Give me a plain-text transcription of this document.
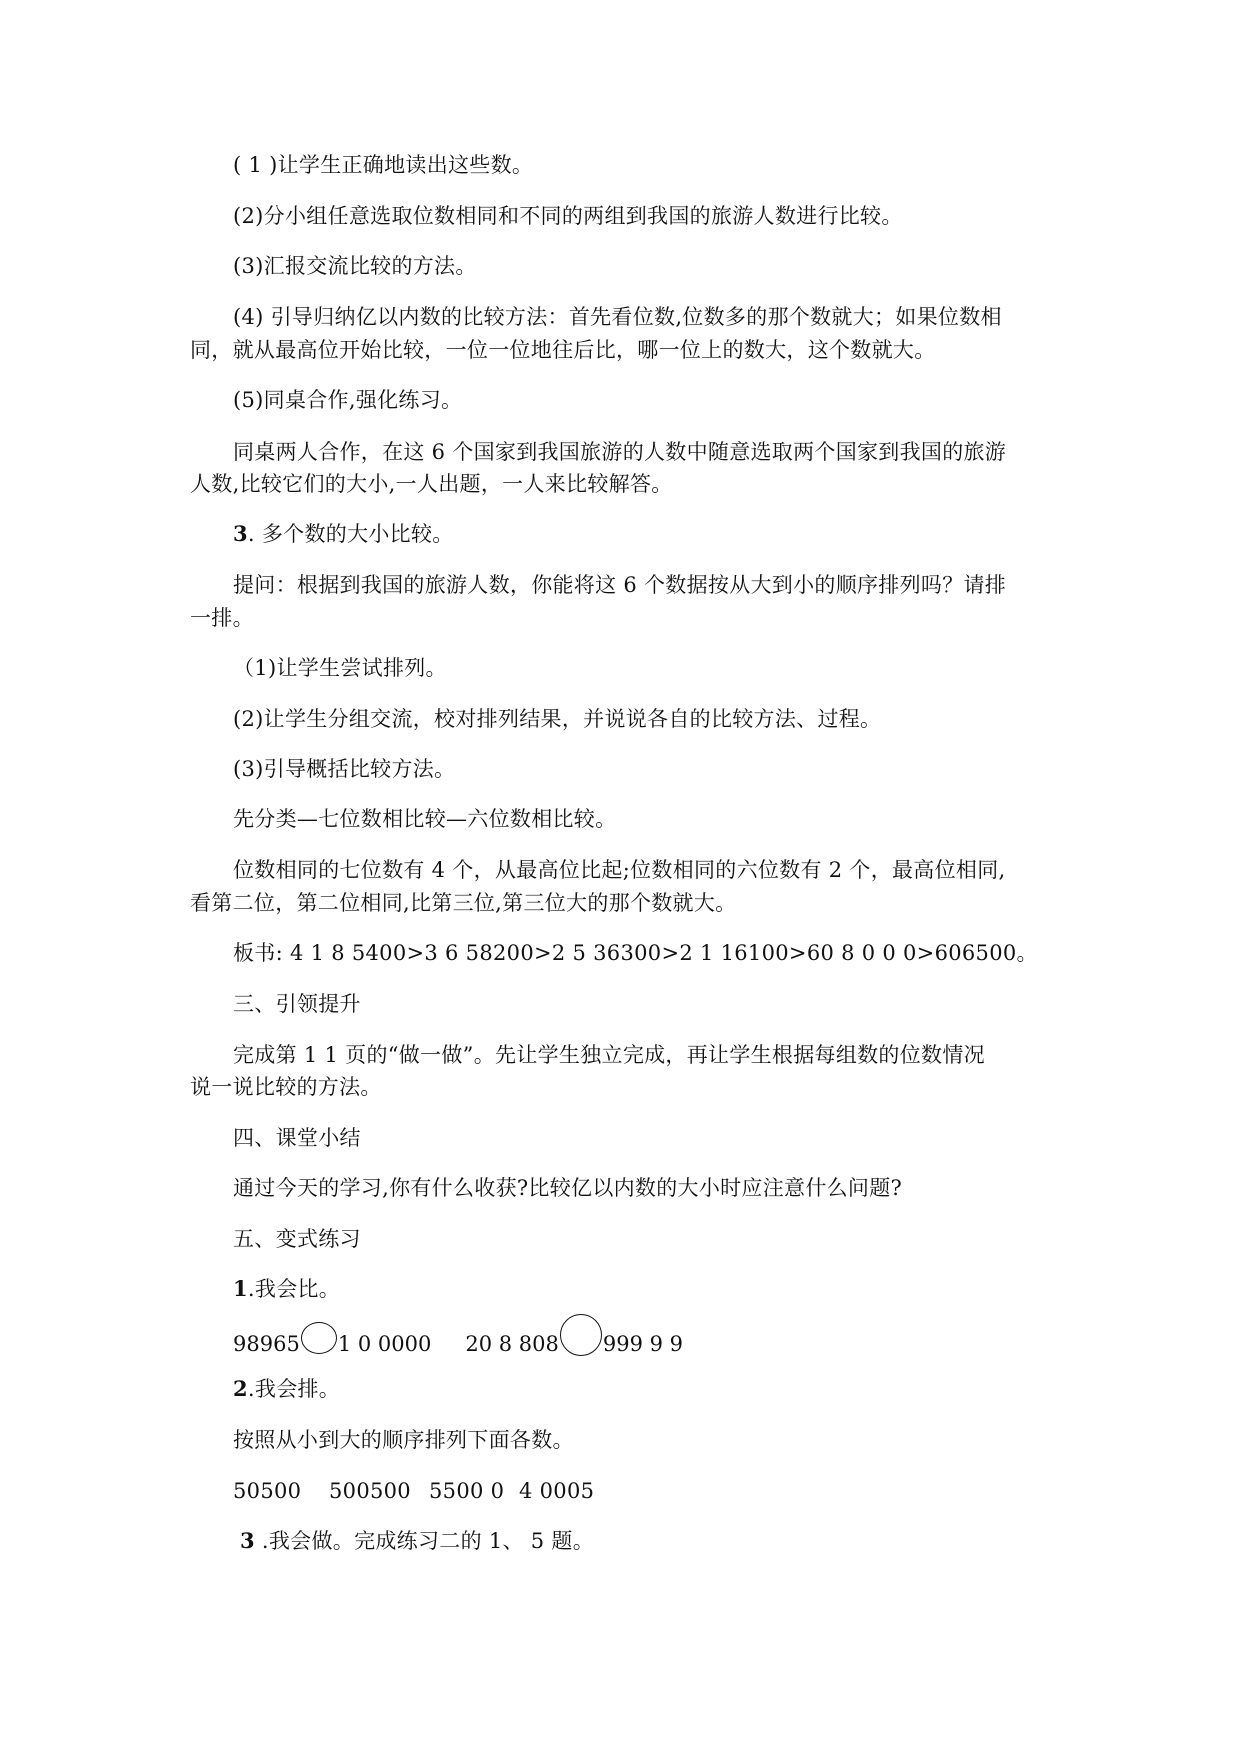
( 1 )让学生正确地读出这些数。
(2)分小组任意选取位数相同和不同的两组到我国的旅游人数进行比较。
(3)汇报交流比较的方法。
(4) 引导归纳亿以内数的比较方法：首先看位数,位数多的那个数就大；如果位数相
同，就从最高位开始比较，一位一位地往后比，哪一位上的数大，这个数就大。
(5)同桌合作,强化练习。
同桌两人合作，在这 6 个国家到我国旅游的人数中随意选取两个国家到我国的旅游
人数,比较它们的大小,一人出题，一人来比较解答。
3. 多个数的大小比较。
提问：根据到我国的旅游人数，你能将这 6 个数据按从大到小的顺序排列吗？请排
一排。
（1)让学生尝试排列。
(2)让学生分组交流，校对排列结果，并说说各自的比较方法、过程。
(3)引导概括比较方法。
先分类—七位数相比较—六位数相比较。
位数相同的七位数有 4 个，从最高位比起;位数相同的六位数有 2 个，最高位相同,
看第二位，第二位相同,比第三位,第三位大的那个数就大。
板书: 4 1 8 5400>3 6 58200>2 5 36300>2 1 16100>60 8 0 0 0>606500。
三、引领提升
完成第 1 1 页的“做一做”。先让学生独立完成，再让学生根据每组数的位数情况
说一说比较的方法。
四、课堂小结
通过今天的学习,你有什么收获?比较亿以内数的大小时应注意什么问题?
五、变式练习
1.我会比。
98965 1 0 0000 20 8 808 999 9 9
2.我会排。
按照从小到大的顺序排列下面各数。
50500 500500 5500 0 4 0005
3 .我会做。完成练习二的 1、 5 题。
